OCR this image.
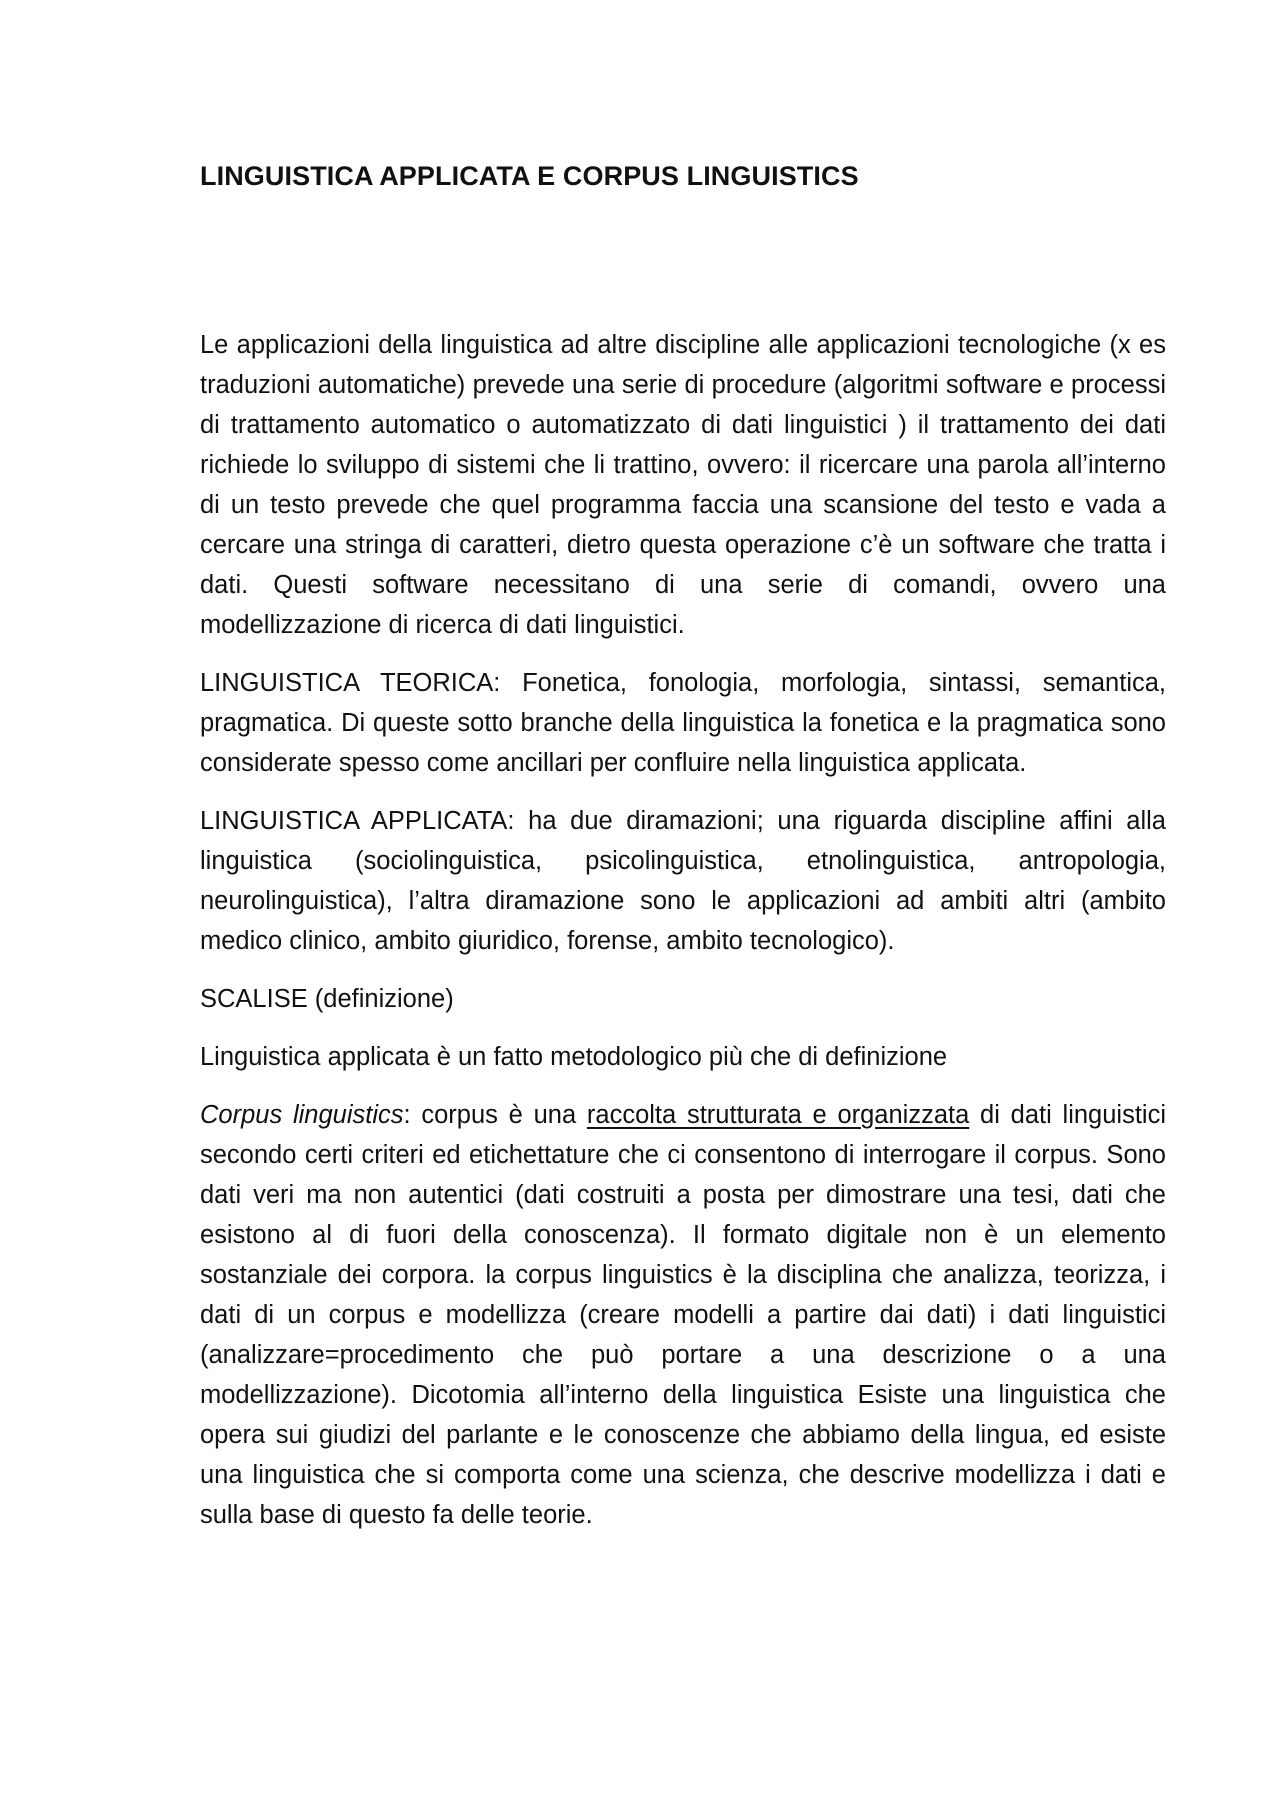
LINGUISTICA APPLICATA E CORPUS LINGUISTICS

Le applicazioni della linguistica ad altre discipline alle applicazioni tecnologiche (x es traduzioni automatiche) prevede una serie di procedure (algoritmi software e processi di trattamento automatico o automatizzato di dati linguistici ) il trattamento dei dati richiede lo sviluppo di sistemi che li trattino, ovvero: il ricercare una parola all’interno di un testo prevede che quel programma faccia una scansione del testo e vada a cercare una stringa di caratteri, dietro questa operazione c’è un software che tratta i dati. Questi software necessitano di una serie di comandi, ovvero una modellizzazione di ricerca di dati linguistici.

LINGUISTICA TEORICA: Fonetica, fonologia, morfologia, sintassi, semantica, pragmatica. Di queste sotto branche della linguistica la fonetica e la pragmatica sono considerate spesso come ancillari per confluire nella linguistica applicata.

LINGUISTICA APPLICATA: ha due diramazioni; una riguarda discipline affini alla linguistica (sociolinguistica, psicolinguistica, etnolinguistica, antropologia, neurolinguistica), l’altra diramazione sono le applicazioni ad ambiti altri (ambito medico clinico, ambito giuridico, forense, ambito tecnologico).

SCALISE (definizione)

Linguistica applicata è un fatto metodologico più che di definizione

Corpus linguistics: corpus è una raccolta strutturata e organizzata di dati linguistici secondo certi criteri ed etichettature che ci consentono di interrogare il corpus. Sono dati veri ma non autentici (dati costruiti a posta per dimostrare una tesi, dati che esistono al di fuori della conoscenza). Il formato digitale non è un elemento sostanziale dei corpora. la corpus linguistics è la disciplina che analizza, teorizza, i dati di un corpus e modellizza (creare modelli a partire dai dati) i dati linguistici (analizzare=procedimento che può portare a una descrizione o a una modellizzazione). Dicotomia all’interno della linguistica Esiste una linguistica che opera sui giudizi del parlante e le conoscenze che abbiamo della lingua, ed esiste una linguistica che si comporta come una scienza, che descrive modellizza i dati e sulla base di questo fa delle teorie.
